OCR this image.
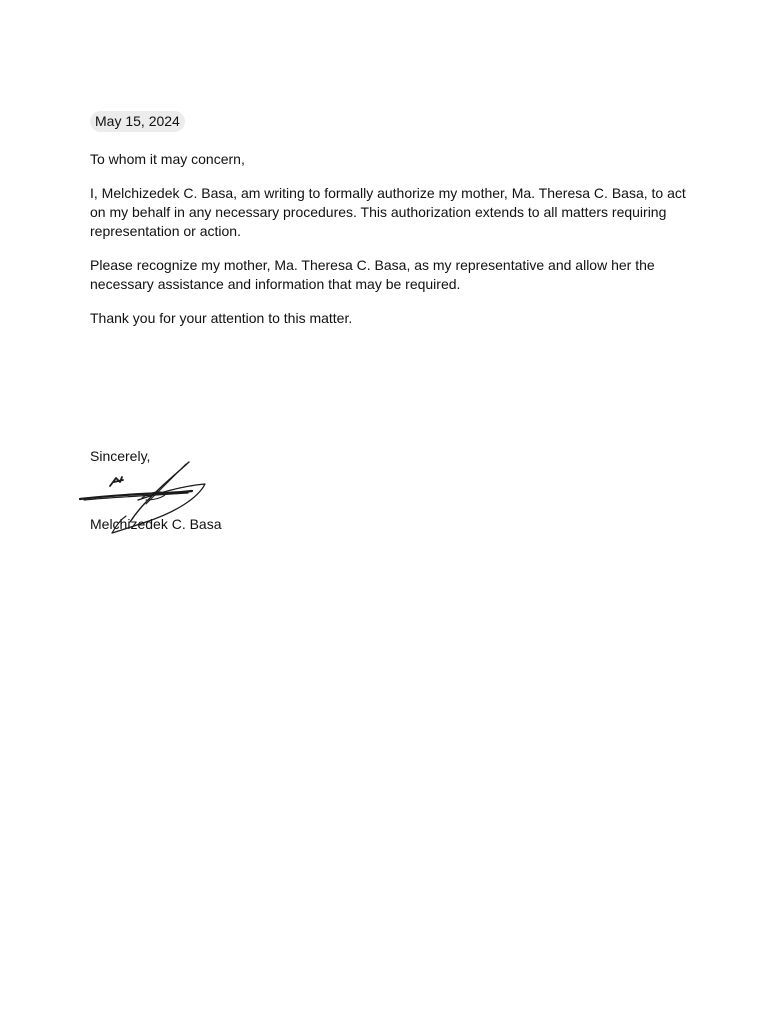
May 15, 2024

To whom it may concern,

I, Melchizedek C. Basa, am writing to formally authorize my mother, Ma. Theresa C. Basa, to act on my behalf in any necessary procedures. This authorization extends to all matters requiring representation or action.

Please recognize my mother, Ma. Theresa C. Basa, as my representative and allow her the necessary assistance and information that may be required.

Thank you for your attention to this matter.

Sincerely,

Melchizedek C. Basa
